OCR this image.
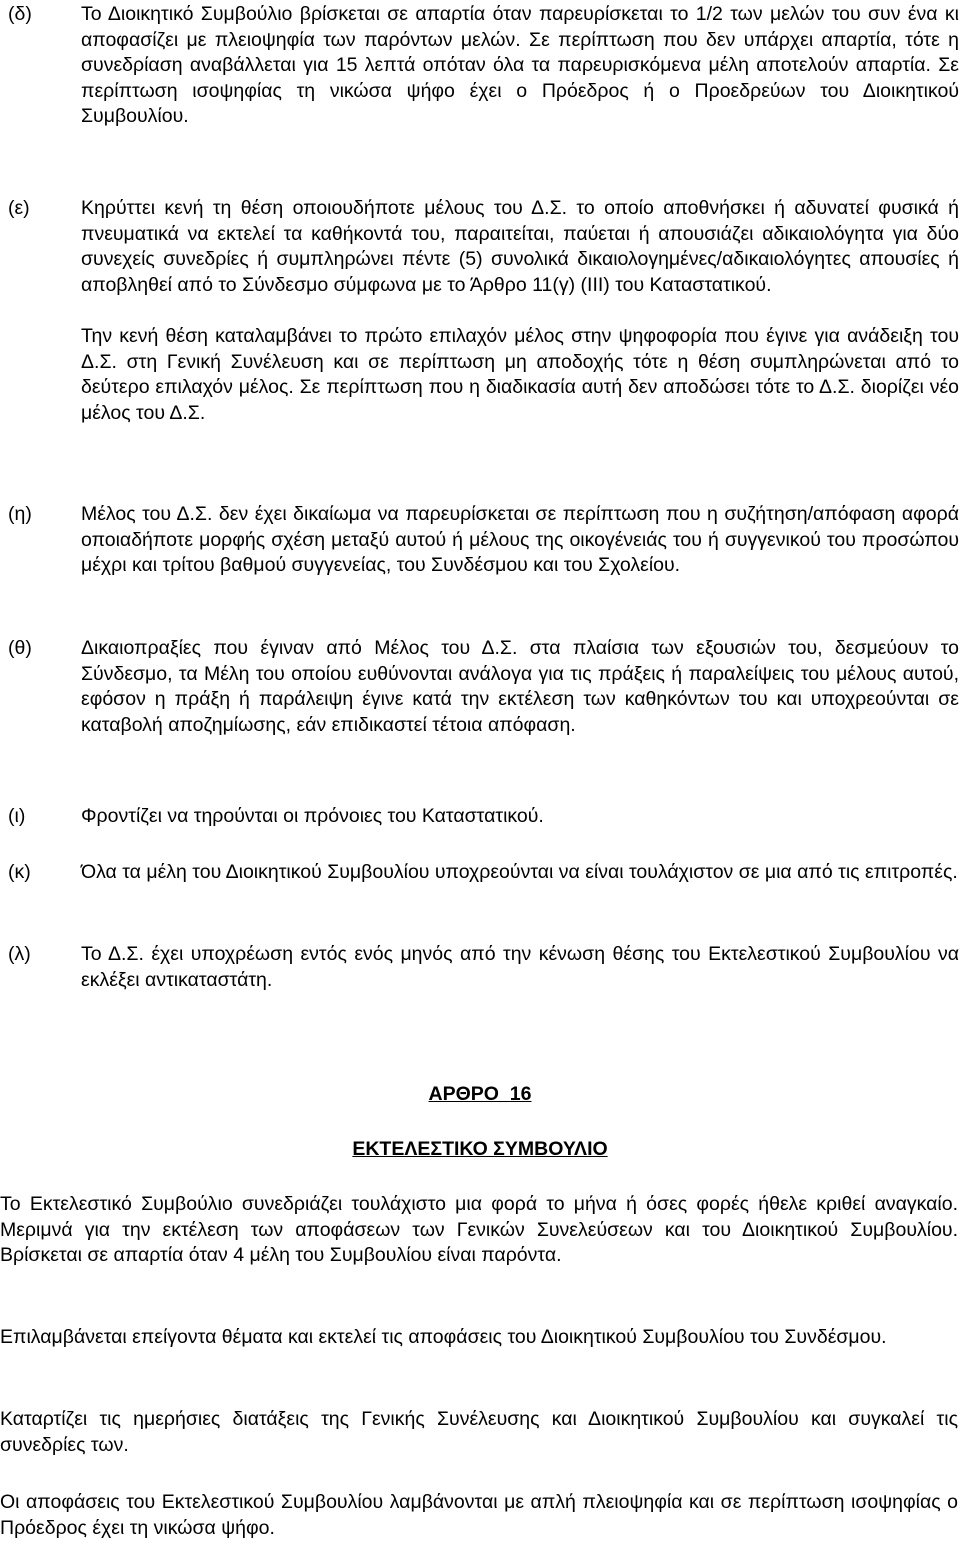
(δ)	Το Διοικητικό Συμβούλιο βρίσκεται σε απαρτία όταν παρευρίσκεται το 1/2 των μελών του συν ένα κι αποφασίζει με πλειοψηφία των παρόντων μελών. Σε περίπτωση που δεν υπάρχει απαρτία, τότε η συνεδρίαση αναβάλλεται για 15 λεπτά οπόταν όλα τα παρευρισκόμενα μέλη αποτελούν απαρτία. Σε περίπτωση ισοψηφίας τη νικώσα ψήφο έχει ο Πρόεδρος ή ο Προεδρεύων του Διοικητικού Συμβουλίου.

(ε)	Κηρύττει κενή τη θέση οποιουδήποτε μέλους του Δ.Σ. το οποίο αποθνήσκει ή αδυνατεί φυσικά ή πνευματικά να εκτελεί τα καθήκοντά του, παραιτείται, παύεται ή απουσιάζει αδικαιολόγητα για δύο συνεχείς συνεδρίες ή συμπληρώνει πέντε (5) συνολικά δικαιολογημένες/αδικαιολόγητες απουσίες ή αποβληθεί από το Σύνδεσμο σύμφωνα με το Άρθρο 11(γ) (ΙΙΙ) του Καταστατικού.

Την κενή θέση καταλαμβάνει το πρώτο επιλαχόν μέλος στην ψηφοφορία που έγινε για ανάδειξη του Δ.Σ. στη Γενική Συνέλευση και σε περίπτωση μη αποδοχής τότε η θέση συμπληρώνεται από το δεύτερο επιλαχόν μέλος. Σε περίπτωση που η διαδικασία αυτή δεν αποδώσει τότε το Δ.Σ. διορίζει νέο μέλος του Δ.Σ.

(η)	Μέλος του Δ.Σ. δεν έχει δικαίωμα να παρευρίσκεται σε περίπτωση που η συζήτηση/απόφαση αφορά οποιαδήποτε μορφής σχέση μεταξύ αυτού ή μέλους της οικογένειάς του ή συγγενικού του προσώπου μέχρι και τρίτου βαθμού συγγενείας, του Συνδέσμου και του Σχολείου.

(θ)	Δικαιοπραξίες που έγιναν από Μέλος του Δ.Σ. στα πλαίσια των εξουσιών του, δεσμεύουν το Σύνδεσμο, τα Μέλη του οποίου ευθύνονται ανάλογα για τις πράξεις ή παραλείψεις του μέλους αυτού, εφόσον η πράξη ή παράλειψη έγινε κατά την εκτέλεση των καθηκόντων του και υποχρεούνται σε καταβολή αποζημίωσης, εάν επιδικαστεί τέτοια απόφαση.

(ι)	Φροντίζει να τηρούνται οι πρόνοιες του Καταστατικού.

(κ)	Όλα τα μέλη του Διοικητικού Συμβουλίου υποχρεούνται να είναι τουλάχιστον σε μια από τις επιτροπές.

(λ)	Το Δ.Σ. έχει υποχρέωση εντός ενός μηνός από την κένωση θέσης του Εκτελεστικού Συμβουλίου να εκλέξει αντικαταστάτη.

ΑΡΘΡΟ  16
ΕΚΤΕΛΕΣΤΙΚΟ ΣΥΜΒΟΥΛΙΟ

Το Εκτελεστικό Συμβούλιο συνεδριάζει τουλάχιστο μια φορά το μήνα ή όσες φορές ήθελε κριθεί αναγκαίο. Μεριμνά για την εκτέλεση των αποφάσεων των Γενικών Συνελεύσεων και του Διοικητικού Συμβουλίου. Βρίσκεται σε απαρτία όταν 4 μέλη του Συμβουλίου είναι παρόντα.

Επιλαμβάνεται επείγοντα θέματα και εκτελεί τις αποφάσεις του Διοικητικού Συμβουλίου του Συνδέσμου.

Καταρτίζει τις ημερήσιες διατάξεις της Γενικής Συνέλευσης και Διοικητικού Συμβουλίου και συγκαλεί τις συνεδρίες των.

Οι αποφάσεις του Εκτελεστικού Συμβουλίου λαμβάνονται με απλή πλειοψηφία και σε περίπτωση ισοψηφίας ο Πρόεδρος έχει τη νικώσα ψήφο.
